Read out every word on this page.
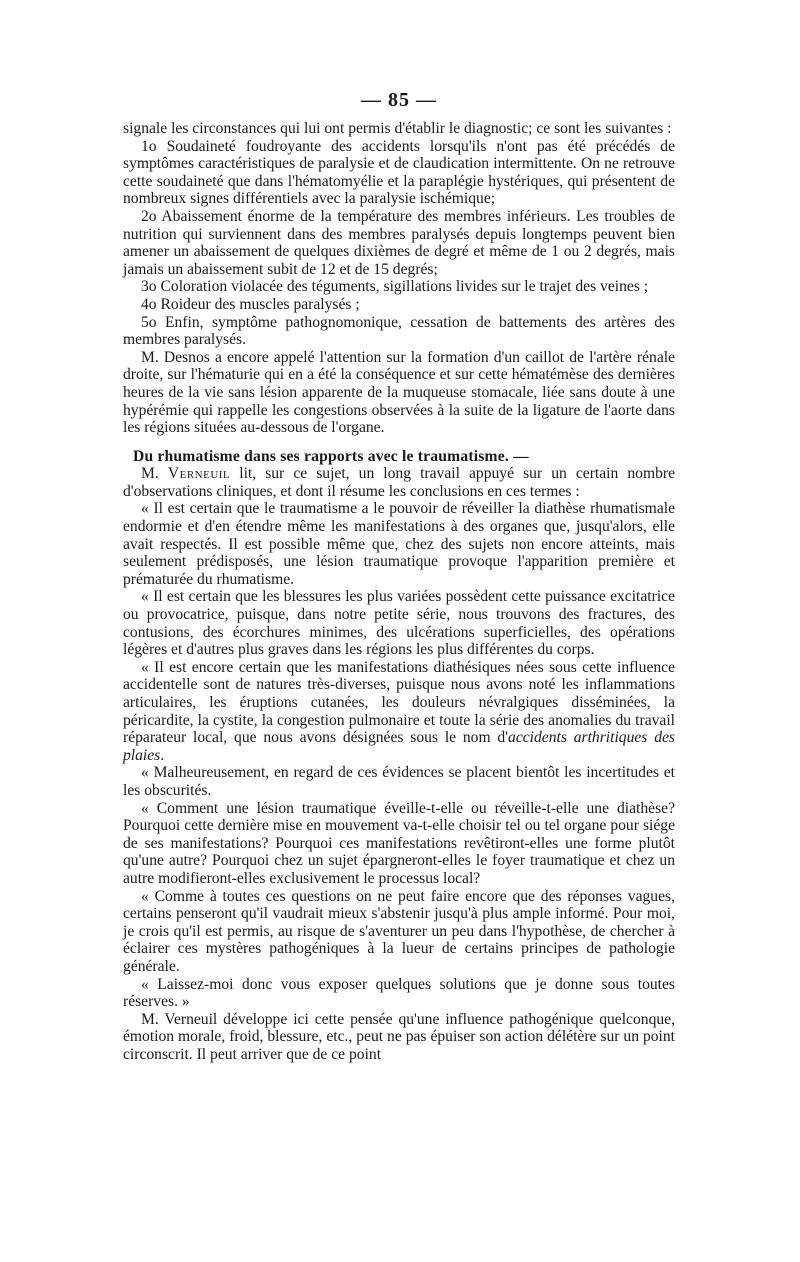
— 85 —

signale les circonstances qui lui ont permis d'établir le diagnostic; ce sont les suivantes :

1o Soudaineté foudroyante des accidents lorsqu'ils n'ont pas été précédés de symptômes caractéristiques de paralysie et de claudication intermittente. On ne retrouve cette soudaineté que dans l'hématomyélie et la paraplégie hystériques, qui présentent de nombreux signes différentiels avec la paralysie ischémique;

2o Abaissement énorme de la température des membres inférieurs. Les troubles de nutrition qui surviennent dans des membres paralysés depuis longtemps peuvent bien amener un abaissement de quelques dixièmes de degré et même de 1 ou 2 degrés, mais jamais un abaissement subit de 12 et de 15 degrés;

3o Coloration violacée des téguments, sigillations livides sur le trajet des veines ;

4o Roideur des muscles paralysés ;

5o Enfin, symptôme pathognomonique, cessation de battements des artères des membres paralysés.

M. Desnos a encore appelé l'attention sur la formation d'un caillot de l'artère rénale droite, sur l'hématurie qui en a été la conséquence et sur cette hématémèse des dernières heures de la vie sans lésion apparente de la muqueuse stomacale, liée sans doute à une hypérémie qui rappelle les congestions observées à la suite de la ligature de l'aorte dans les régions situées au-dessous de l'organe.

Du rhumatisme dans ses rapports avec le traumatisme. —

M. Verneuil lit, sur ce sujet, un long travail appuyé sur un certain nombre d'observations cliniques, et dont il résume les conclusions en ces termes :

« Il est certain que le traumatisme a le pouvoir de réveiller la diathèse rhumatismale endormie et d'en étendre même les manifestations à des organes que, jusqu'alors, elle avait respectés. Il est possible même que, chez des sujets non encore atteints, mais seulement prédisposés, une lésion traumatique provoque l'apparition première et prématurée du rhumatisme.

« Il est certain que les blessures les plus variées possèdent cette puissance excitatrice ou provocatrice, puisque, dans notre petite série, nous trouvons des fractures, des contusions, des écorchures minimes, des ulcérations superficielles, des opérations légères et d'autres plus graves dans les régions les plus différentes du corps.

« Il est encore certain que les manifestations diathésiques nées sous cette influence accidentelle sont de natures très-diverses, puisque nous avons noté les inflammations articulaires, les éruptions cutanées, les douleurs névralgiques disséminées, la péricardite, la cystite, la congestion pulmonaire et toute la série des anomalies du travail réparateur local, que nous avons désignées sous le nom d'accidents arthritiques des plaies.

« Malheureusement, en regard de ces évidences se placent bientôt les incertitudes et les obscurités.

« Comment une lésion traumatique éveille-t-elle ou réveille-t-elle une diathèse? Pourquoi cette dernière mise en mouvement va-t-elle choisir tel ou tel organe pour siége de ses manifestations? Pourquoi ces manifestations revêtiront-elles une forme plutôt qu'une autre? Pourquoi chez un sujet épargneront-elles le foyer traumatique et chez un autre modifieront-elles exclusivement le processus local?

« Comme à toutes ces questions on ne peut faire encore que des réponses vagues, certains penseront qu'il vaudrait mieux s'abstenir jusqu'à plus ample informé. Pour moi, je crois qu'il est permis, au risque de s'aventurer un peu dans l'hypothèse, de chercher à éclairer ces mystères pathogéniques à la lueur de certains principes de pathologie générale.

« Laissez-moi donc vous exposer quelques solutions que je donne sous toutes réserves. »

M. Verneuil développe ici cette pensée qu'une influence pathogénique quelconque, émotion morale, froid, blessure, etc., peut ne pas épuiser son action délétère sur un point circonscrit. Il peut arriver que de ce point
